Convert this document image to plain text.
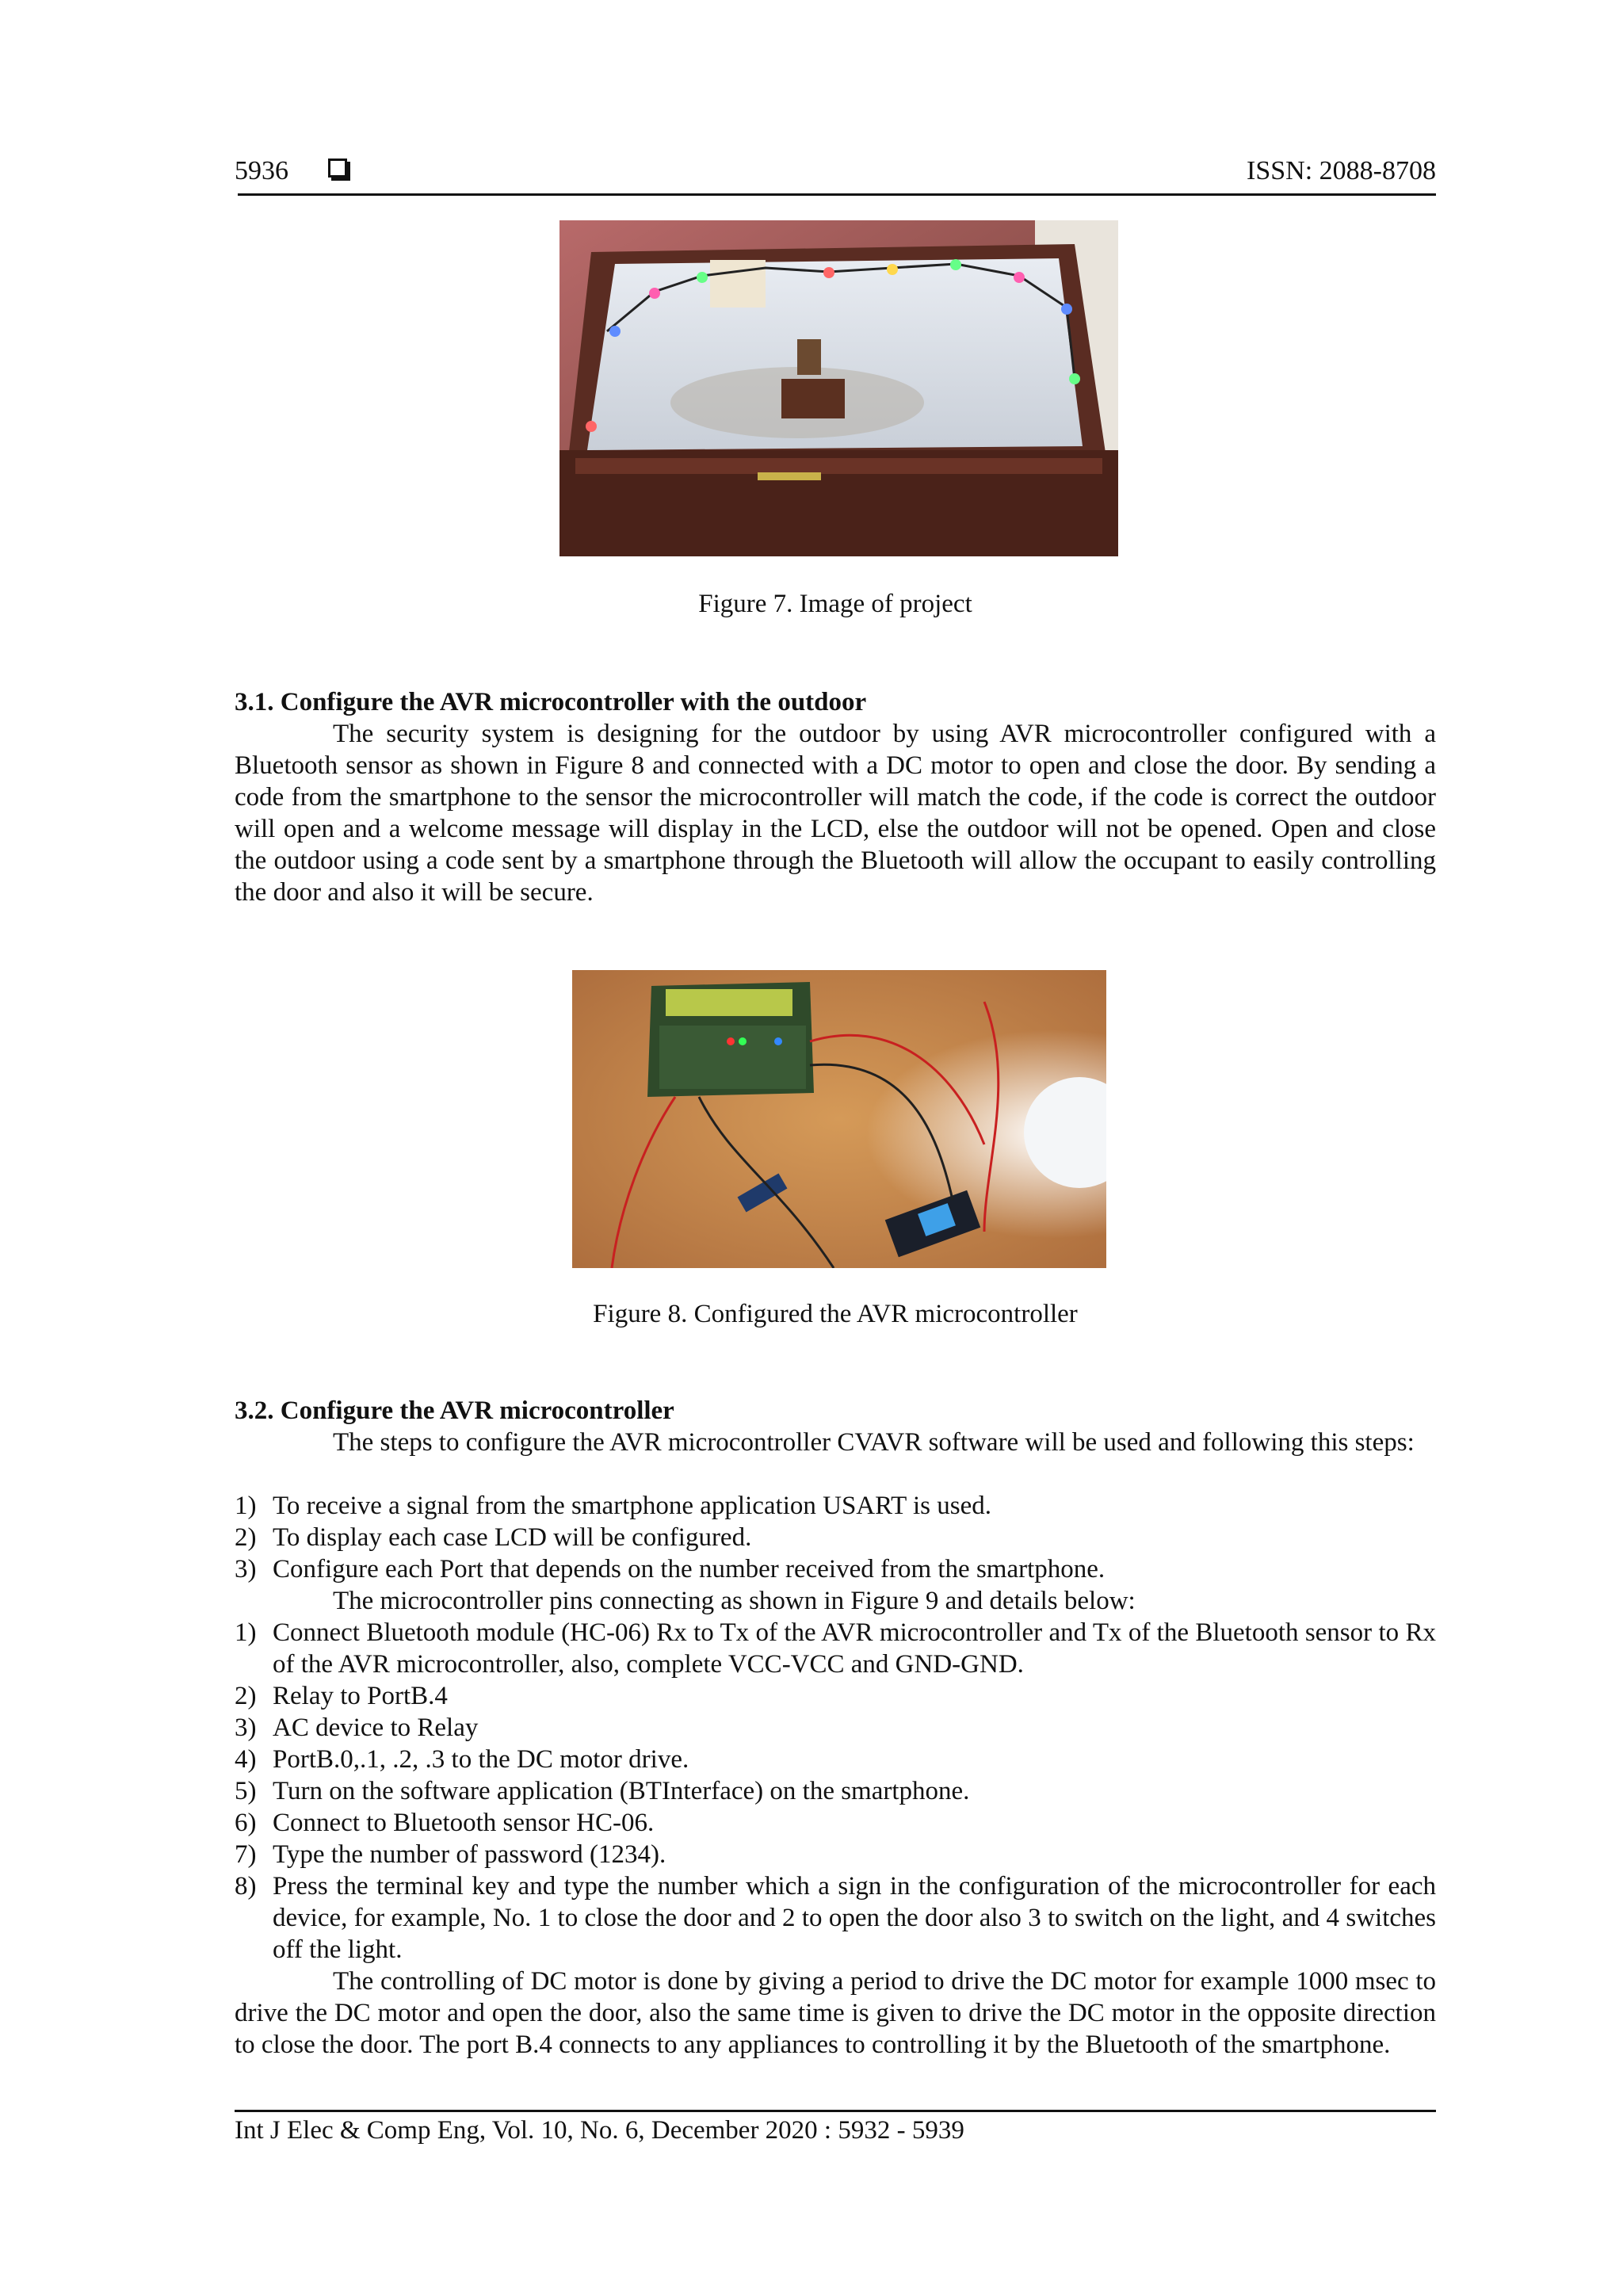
5936	ISSN: 2088-8708
Figure 7. Image of project
3.1. Configure the AVR microcontroller with the outdoor

The security system is designing for the outdoor by using AVR microcontroller configured with a Bluetooth sensor as shown in Figure 8 and connected with a DC motor to open and close the door. By sending a code from the smartphone to the sensor the microcontroller will match the code, if the code is correct the outdoor will open and a welcome message will display in the LCD, else the outdoor will not be opened. Open and close the outdoor using a code sent by a smartphone through the Bluetooth will allow the occupant to easily controlling the door and also it will be secure.

Figure 8. Configured the AVR microcontroller
3.2. Configure the AVR microcontroller

The steps to configure the AVR microcontroller CVAVR software will be used and following this steps:

1) To receive a signal from the smartphone application USART is used.
2) To display each case LCD will be configured.
3) Configure each Port that depends on the number received from the smartphone.

The microcontroller pins connecting as shown in Figure 9 and details below:

1) Connect Bluetooth module (HC-06) Rx to Tx of the AVR microcontroller and Tx of the Bluetooth sensor to Rx of the AVR microcontroller, also, complete VCC-VCC and GND-GND.
2) Relay to PortB.4
3) AC device to Relay
4) PortB.0,.1, .2, .3 to the DC motor drive.
5) Turn on the software application (BTInterface) on the smartphone.
6) Connect to Bluetooth sensor HC-06.
7) Type the number of password (1234).
8) Press the terminal key and type the number which a sign in the configuration of the microcontroller for each device, for example, No. 1 to close the door and 2 to open the door also 3 to switch on the light, and 4 switches off the light.

The controlling of DC motor is done by giving a period to drive the DC motor for example 1000 msec to drive the DC motor and open the door, also the same time is given to drive the DC motor in the opposite direction to close the door. The port B.4 connects to any appliances to controlling it by the Bluetooth of the smartphone.

Int J Elec & Comp Eng, Vol. 10, No. 6, December 2020 : 5932 - 5939
